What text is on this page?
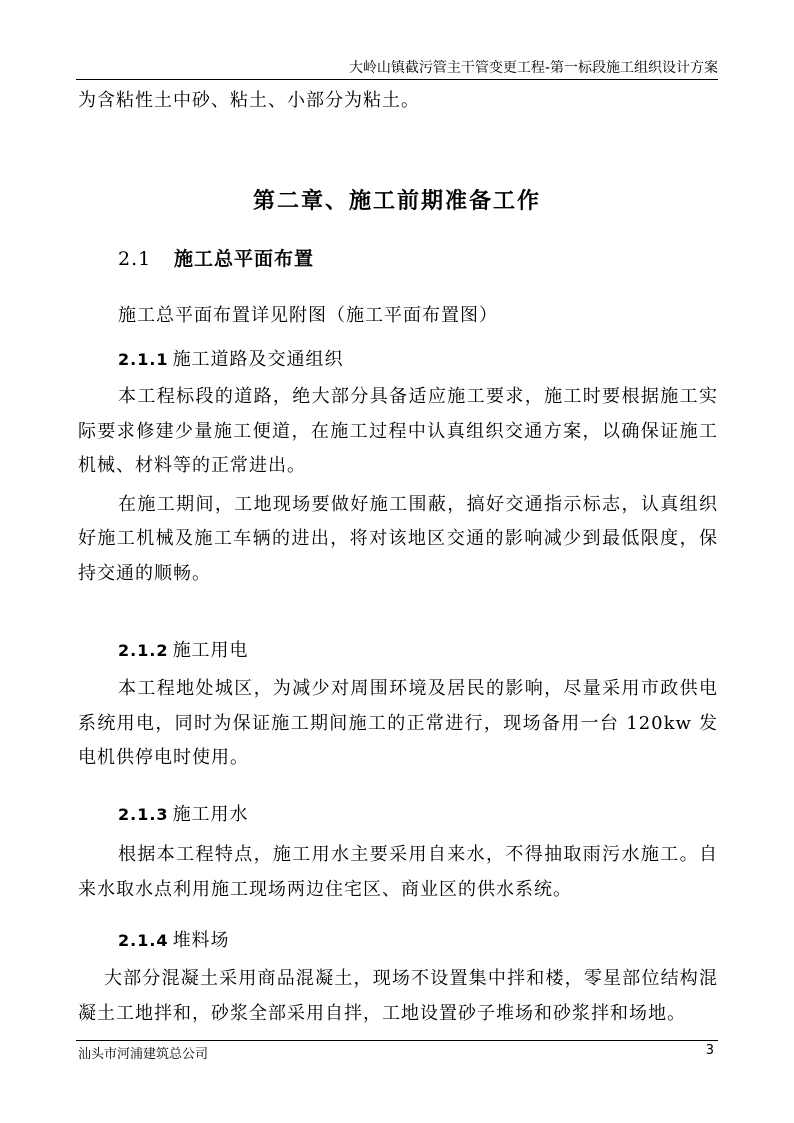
大岭山镇截污管主干管变更工程-第一标段施工组织设计方案

为含粘性土中砂、粘土、小部分为粘土。

第二章、施工前期准备工作
2.1 施工总平面布置

施工总平面布置详见附图（施工平面布置图）

2.1.1 施工道路及交通组织

本工程标段的道路，绝大部分具备适应施工要求，施工时要根据施工实际要求修建少量施工便道，在施工过程中认真组织交通方案，以确保证施工机械、材料等的正常进出。

在施工期间，工地现场要做好施工围蔽，搞好交通指示标志，认真组织好施工机械及施工车辆的进出，将对该地区交通的影响减少到最低限度，保持交通的顺畅。

2.1.2 施工用电

本工程地处城区，为减少对周围环境及居民的影响，尽量采用市政供电系统用电，同时为保证施工期间施工的正常进行，现场备用一台 120kw 发电机供停电时使用。

2.1.3 施工用水

根据本工程特点，施工用水主要采用自来水，不得抽取雨污水施工。自来水取水点利用施工现场两边住宅区、商业区的供水系统。

2.1.4 堆料场

大部分混凝土采用商品混凝土，现场不设置集中拌和楼，零星部位结构混凝土工地拌和，砂浆全部采用自拌，工地设置砂子堆场和砂浆拌和场地。

汕头市河浦建筑总公司	3
